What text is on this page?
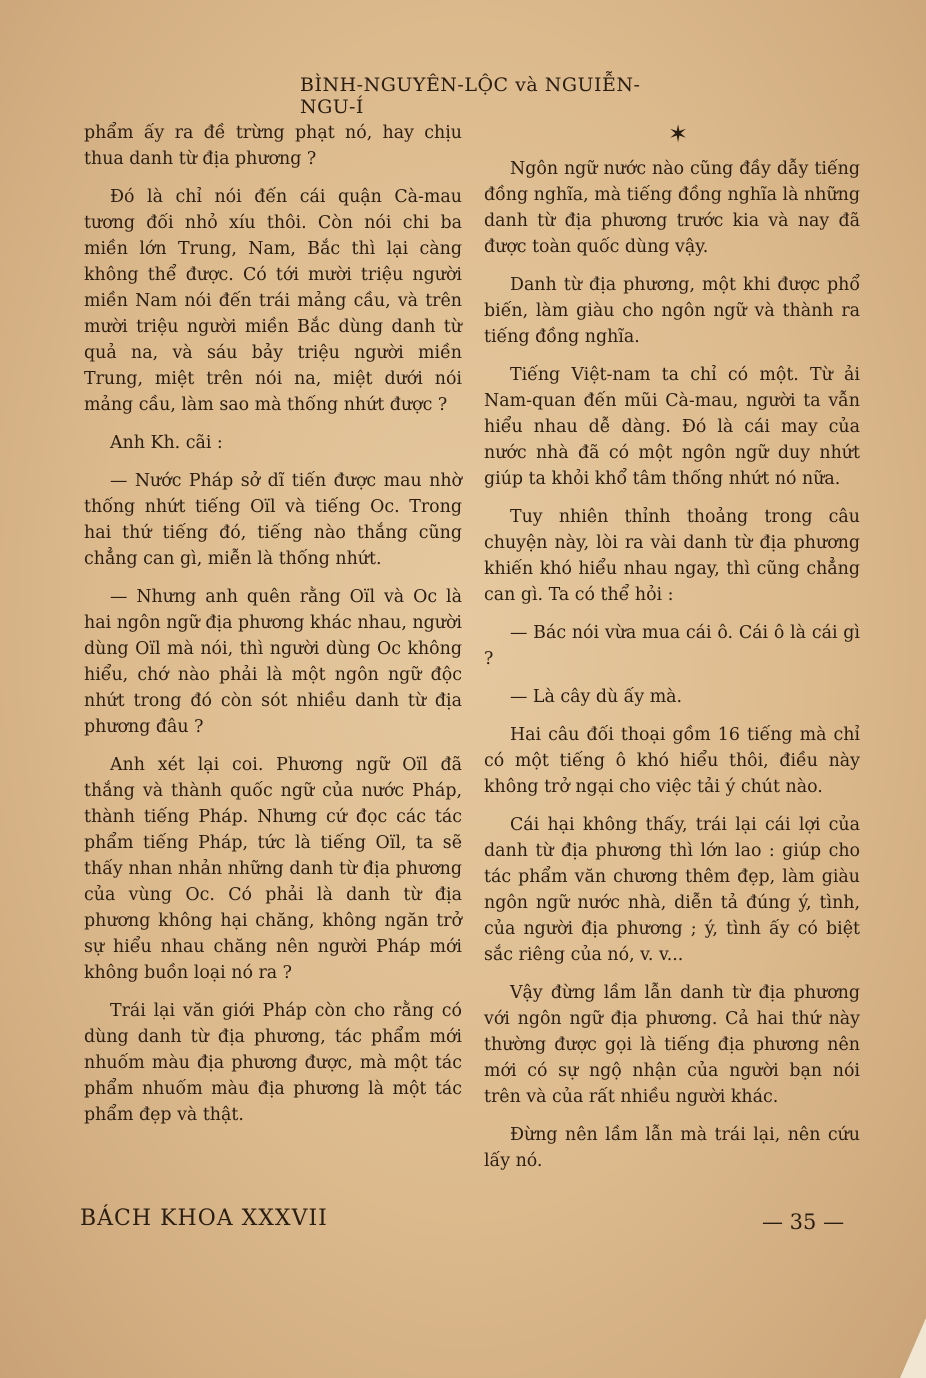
BÌNH-NGUYÊN-LỘC và NGUIỄN-NGU-Í

phẩm ấy ra đề trừng phạt nó, hay chịu thua danh từ địa phương ?

Đó là chỉ nói đến cái quận Cà-mau tương đối nhỏ xíu thôi. Còn nói chi ba miền lớn Trung, Nam, Bắc thì lại càng không thể được. Có tới mười triệu người miền Nam nói đến trái mảng cầu, và trên mười triệu người miền Bắc dùng danh từ quả na, và sáu bảy triệu người miền Trung, miệt trên nói na, miệt dưới nói mảng cầu, làm sao mà thống nhứt được ?

Anh Kh. cãi :

— Nước Pháp sở dĩ tiến được mau nhờ thống nhứt tiếng Oïl và tiếng Oc. Trong hai thứ tiếng đó, tiếng nào thắng cũng chẳng can gì, miễn là thống nhứt.

— Nhưng anh quên rằng Oïl và Oc là hai ngôn ngữ địa phương khác nhau, người dùng Oïl mà nói, thì người dùng Oc không hiểu, chớ nào phải là một ngôn ngữ độc nhứt trong đó còn sót nhiều danh từ địa phương đâu ?

Anh xét lại coi. Phương ngữ Oïl đã thắng và thành quốc ngữ của nước Pháp, thành tiếng Pháp. Nhưng cứ đọc các tác phẩm tiếng Pháp, tức là tiếng Oïl, ta sẽ thấy nhan nhản những danh từ địa phương của vùng Oc. Có phải là danh từ địa phương không hại chăng, không ngăn trở sự hiểu nhau chăng nên người Pháp mới không buồn loại nó ra ?

Trái lại văn giới Pháp còn cho rằng có dùng danh từ địa phương, tác phẩm mới nhuốm màu địa phương được, mà một tác phẩm nhuốm màu địa phương là một tác phẩm đẹp và thật.

✶

Ngôn ngữ nước nào cũng đầy dẫy tiếng đồng nghĩa, mà tiếng đồng nghĩa là những danh từ địa phương trước kia và nay đã được toàn quốc dùng vậy.

Danh từ địa phương, một khi được phổ biến, làm giàu cho ngôn ngữ và thành ra tiếng đồng nghĩa.

Tiếng Việt-nam ta chỉ có một. Từ ải Nam-quan đến mũi Cà-mau, người ta vẫn hiểu nhau dễ dàng. Đó là cái may của nước nhà đã có một ngôn ngữ duy nhứt giúp ta khỏi khổ tâm thống nhứt nó nữa.

Tuy nhiên thỉnh thoảng trong câu chuyện này, lòi ra vài danh từ địa phương khiến khó hiểu nhau ngay, thì cũng chẳng can gì. Ta có thể hỏi :

— Bác nói vừa mua cái ô. Cái ô là cái gì ?

— Là cây dù ấy mà.

Hai câu đối thoại gồm 16 tiếng mà chỉ có một tiếng ô khó hiểu thôi, điều này không trở ngại cho việc tải ý chút nào.

Cái hại không thấy, trái lại cái lợi của danh từ địa phương thì lớn lao : giúp cho tác phẩm văn chương thêm đẹp, làm giàu ngôn ngữ nước nhà, diễn tả đúng ý, tình, của người địa phương ; ý, tình ấy có biệt sắc riêng của nó, v. v...

Vậy đừng lầm lẫn danh từ địa phương với ngôn ngữ địa phương. Cả hai thứ này thường được gọi là tiếng địa phương nên mới có sự ngộ nhận của người bạn nói trên và của rất nhiều người khác.

Đừng nên lầm lẫn mà trái lại, nên cứu lấy nó.

BÁCH KHOA XXXVII	— 35 —
